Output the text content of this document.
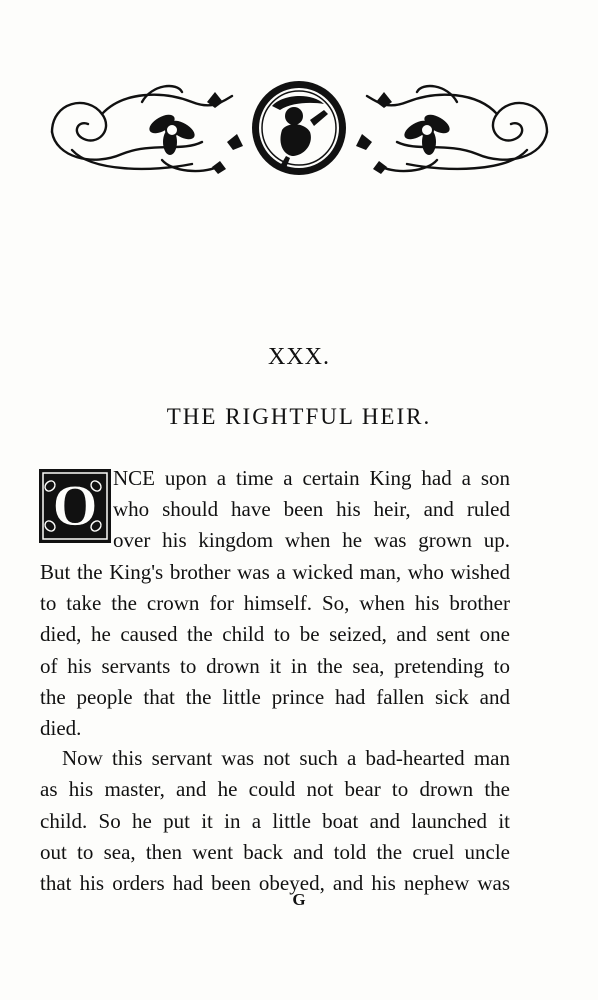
XXX.
THE RIGHTFUL HEIR.
O NCE upon a time a certain King had a son
who should have been his heir, and ruled
over his kingdom when he was grown up.
But the King's brother was a wicked man, who wished
to take the crown for himself. So, when his brother
died, he caused the child to be seized, and sent one
of his servants to drown it in the sea, pretending to
the people that the little prince had fallen sick and
died.
Now this servant was not such a bad-hearted man
as his master, and he could not bear to drown the
child. So he put it in a little boat and launched it
out to sea, then went back and told the cruel uncle
that his orders had been obeyed, and his nephew was
G
